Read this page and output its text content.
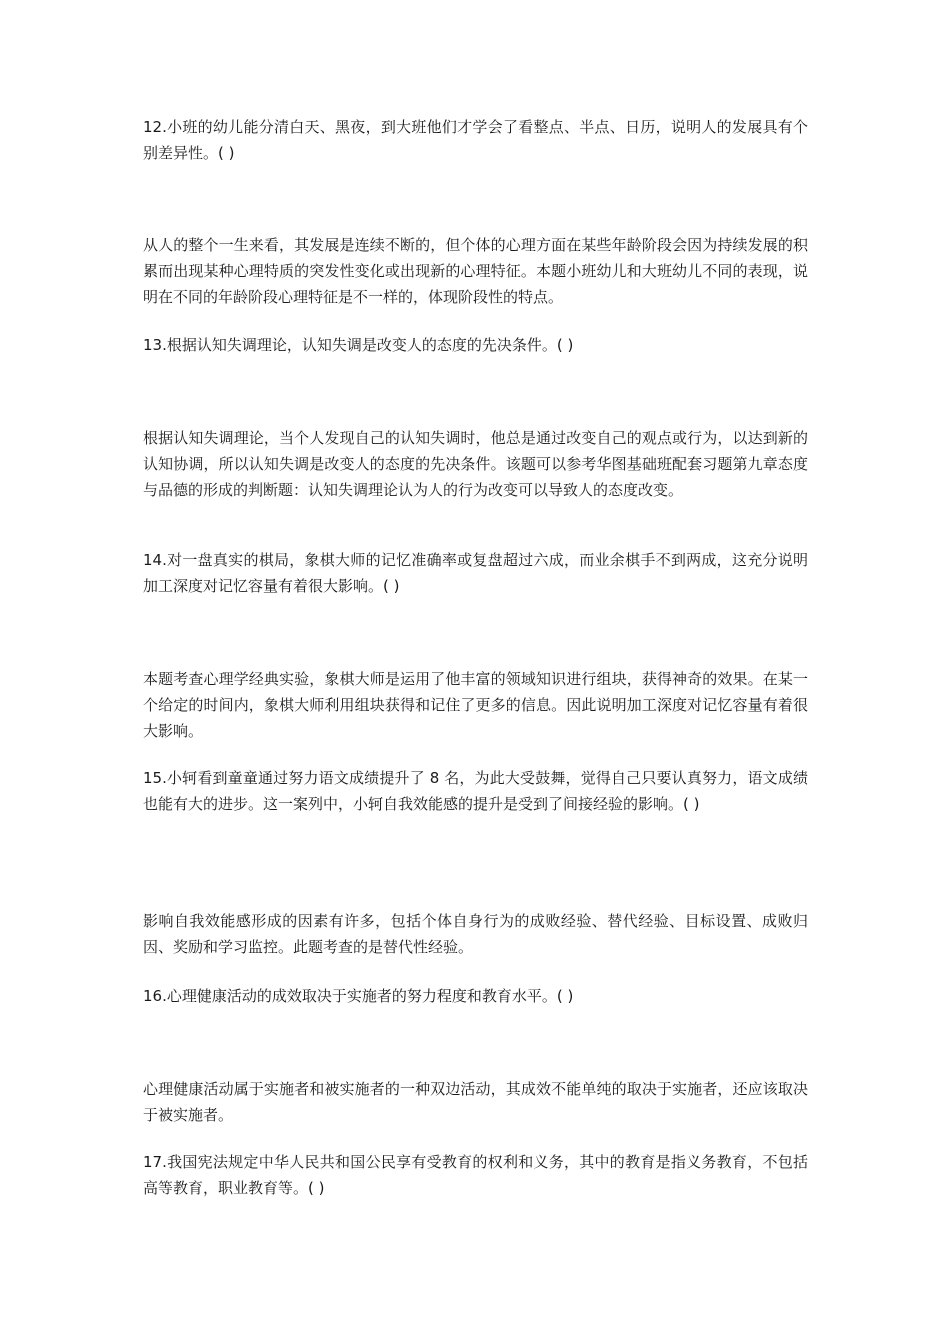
12.小班的幼儿能分清白天、黑夜，到大班他们才学会了看整点、半点、日历，说明人的发展具有个别差异性。( )

从人的整个一生来看，其发展是连续不断的，但个体的心理方面在某些年龄阶段会因为持续发展的积累而出现某种心理特质的突发性变化或出现新的心理特征。本题小班幼儿和大班幼儿不同的表现，说明在不同的年龄阶段心理特征是不一样的，体现阶段性的特点。

13.根据认知失调理论，认知失调是改变人的态度的先决条件。( )

根据认知失调理论，当个人发现自己的认知失调时，他总是通过改变自己的观点或行为，以达到新的认知协调，所以认知失调是改变人的态度的先决条件。该题可以参考华图基础班配套习题第九章态度与品德的形成的判断题：认知失调理论认为人的行为改变可以导致人的态度改变。

14.对一盘真实的棋局，象棋大师的记忆准确率或复盘超过六成，而业余棋手不到两成，这充分说明加工深度对记忆容量有着很大影响。( )

本题考查心理学经典实验，象棋大师是运用了他丰富的领域知识进行组块，获得神奇的效果。在某一个给定的时间内，象棋大师利用组块获得和记住了更多的信息。因此说明加工深度对记忆容量有着很大影响。

15.小轲看到童童通过努力语文成绩提升了 8 名，为此大受鼓舞，觉得自己只要认真努力，语文成绩也能有大的进步。这一案列中，小轲自我效能感的提升是受到了间接经验的影响。( )

影响自我效能感形成的因素有许多，包括个体自身行为的成败经验、替代经验、目标设置、成败归因、奖励和学习监控。此题考查的是替代性经验。

16.心理健康活动的成效取决于实施者的努力程度和教育水平。( )

心理健康活动属于实施者和被实施者的一种双边活动，其成效不能单纯的取决于实施者，还应该取决于被实施者。

17.我国宪法规定中华人民共和国公民享有受教育的权利和义务，其中的教育是指义务教育，不包括高等教育，职业教育等。( )
